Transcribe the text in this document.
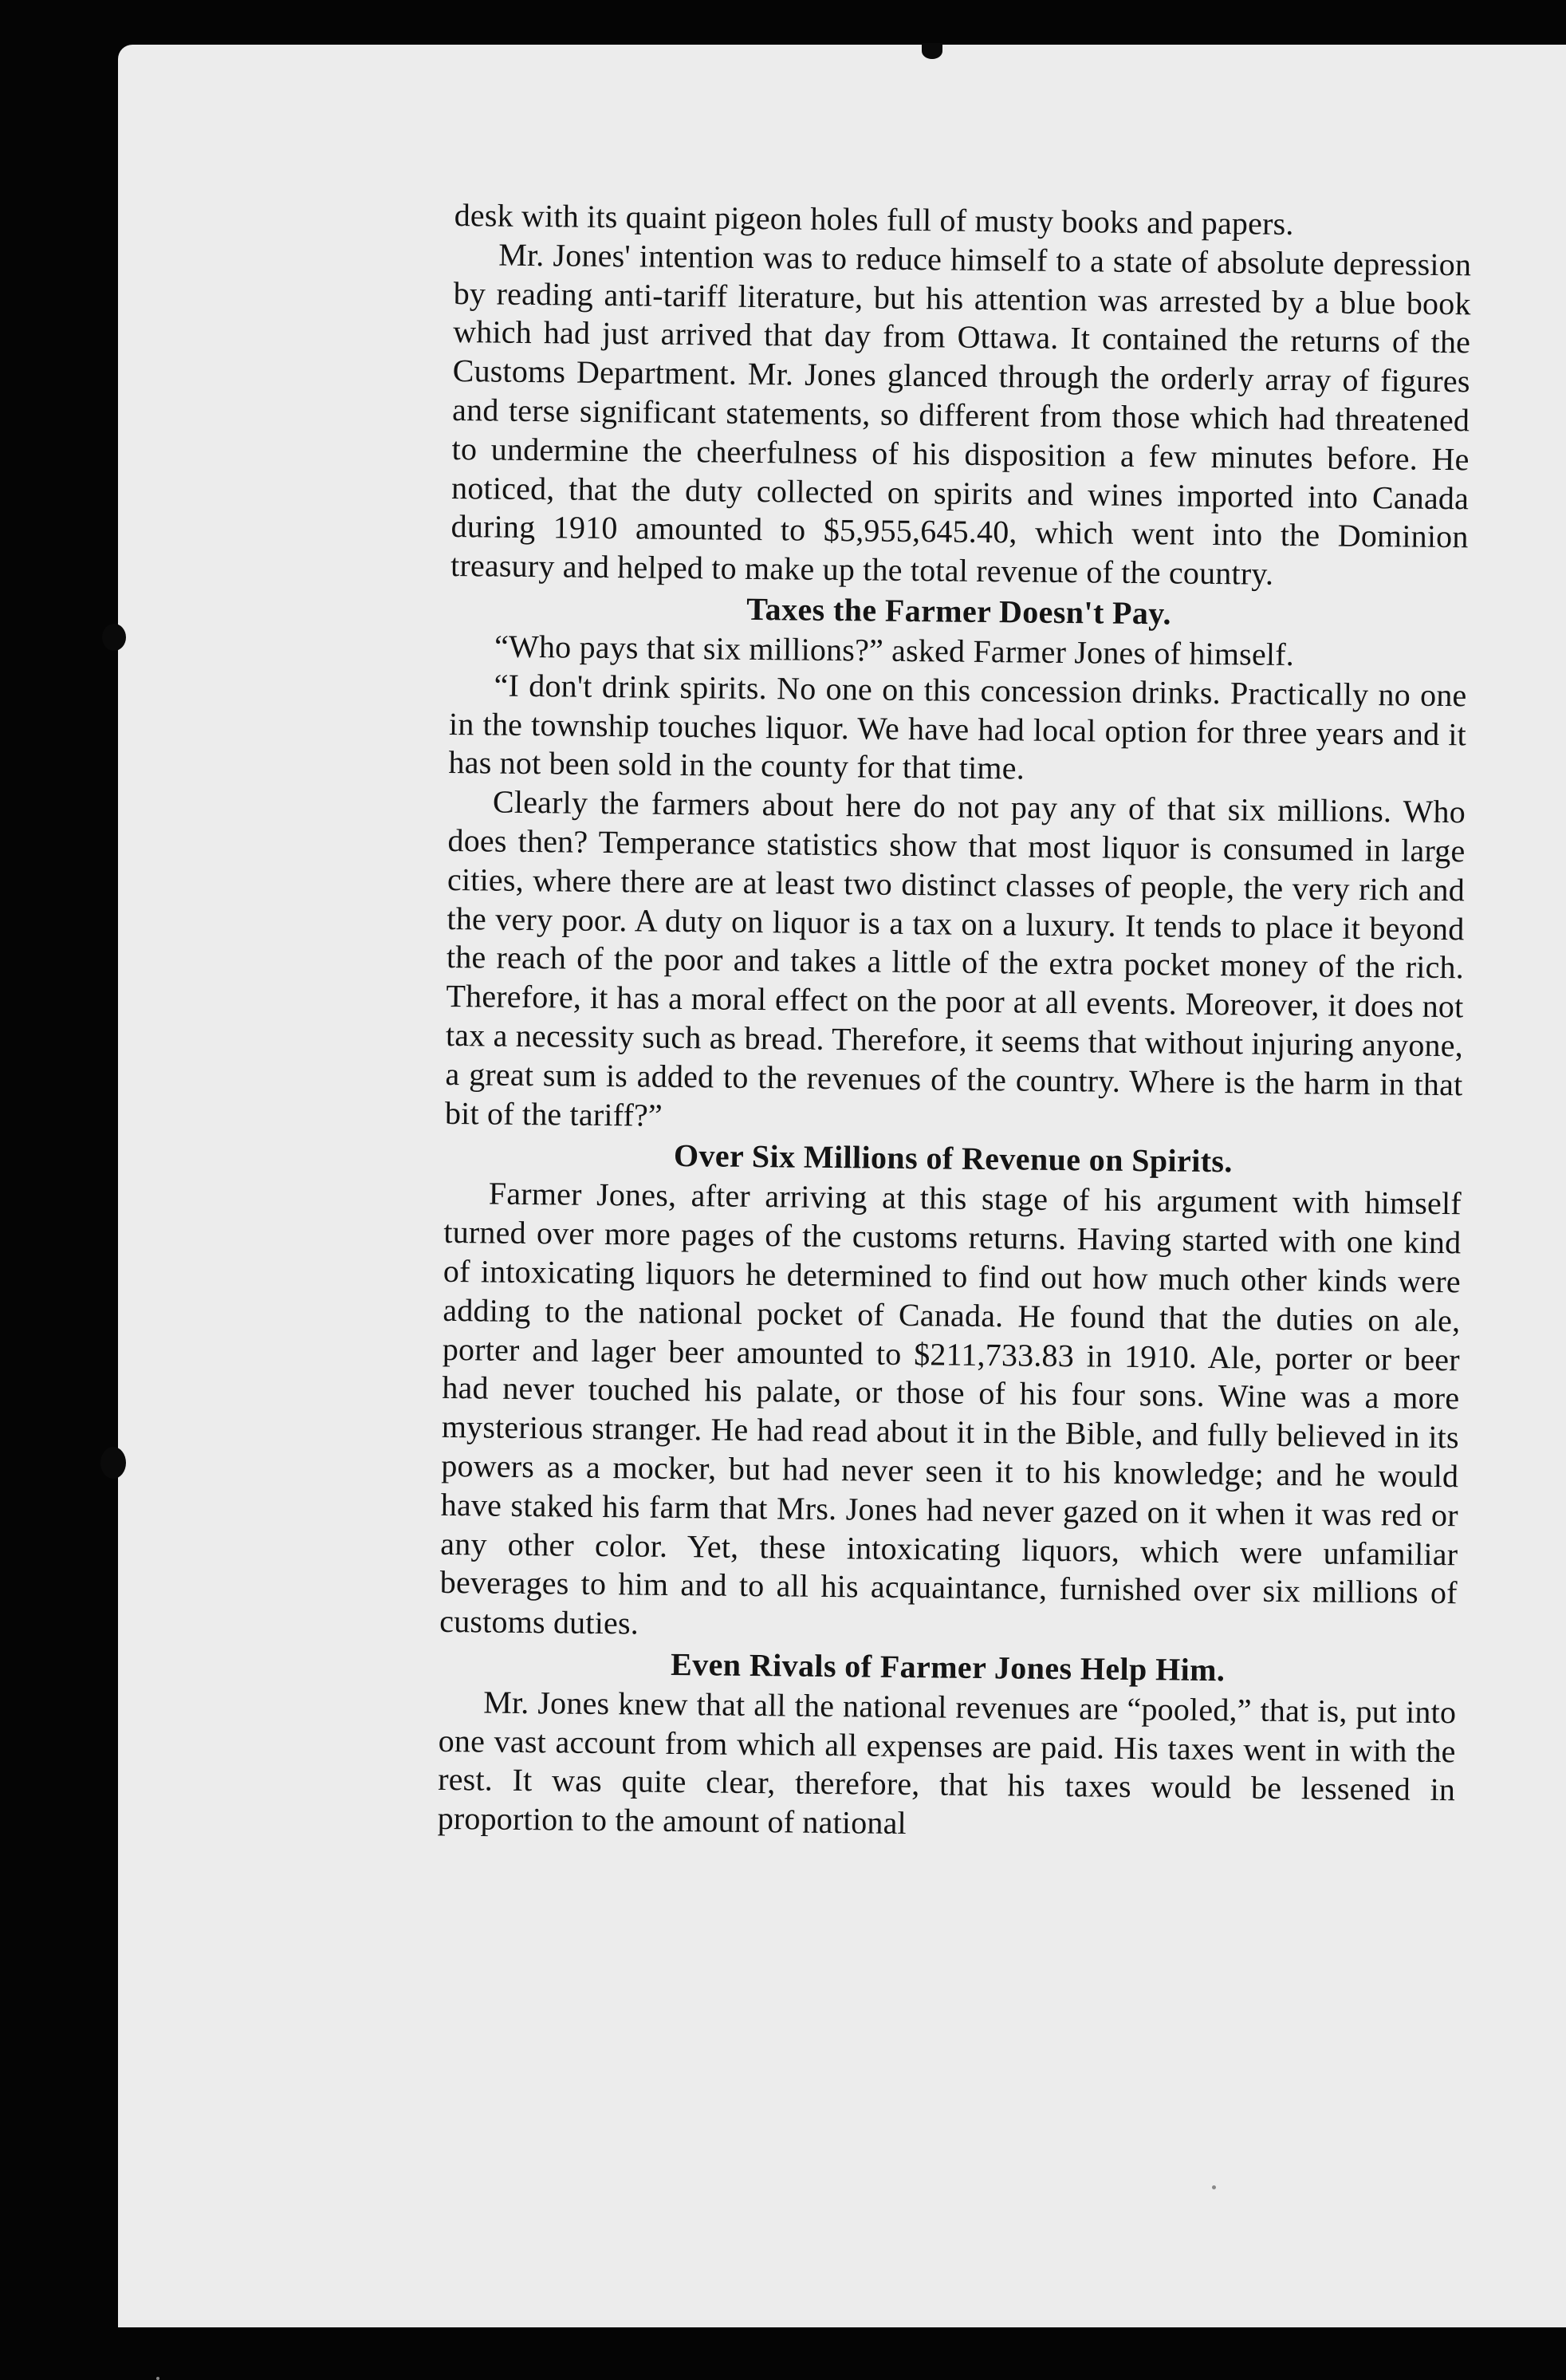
desk with its quaint pigeon holes full of musty books and papers.

Mr. Jones' intention was to reduce himself to a state of absolute depression by reading anti-tariff literature, but his attention was arrested by a blue book which had just arrived that day from Ottawa. It contained the returns of the Customs Department. Mr. Jones glanced through the orderly array of figures and terse significant statements, so different from those which had threatened to undermine the cheerfulness of his disposition a few minutes before. He noticed, that the duty collected on spirits and wines imported into Canada during 1910 amounted to $5,955,645.40, which went into the Dominion treasury and helped to make up the total revenue of the country.

Taxes the Farmer Doesn't Pay.

“Who pays that six millions?” asked Farmer Jones of himself.

“I don't drink spirits. No one on this concession drinks. Practically no one in the township touches liquor. We have had local option for three years and it has not been sold in the county for that time.

Clearly the farmers about here do not pay any of that six millions. Who does then? Temperance statistics show that most liquor is consumed in large cities, where there are at least two distinct classes of people, the very rich and the very poor. A duty on liquor is a tax on a luxury. It tends to place it beyond the reach of the poor and takes a little of the extra pocket money of the rich. Therefore, it has a moral effect on the poor at all events. Moreover, it does not tax a necessity such as bread. Therefore, it seems that without injuring anyone, a great sum is added to the revenues of the country. Where is the harm in that bit of the tariff?”

Over Six Millions of Revenue on Spirits.

Farmer Jones, after arriving at this stage of his argument with himself turned over more pages of the customs returns. Having started with one kind of intoxicating liquors he determined to find out how much other kinds were adding to the national pocket of Canada. He found that the duties on ale, porter and lager beer amounted to $211,733.83 in 1910. Ale, porter or beer had never touched his palate, or those of his four sons. Wine was a more mysterious stranger. He had read about it in the Bible, and fully believed in its powers as a mocker, but had never seen it to his knowledge; and he would have staked his farm that Mrs. Jones had never gazed on it when it was red or any other color. Yet, these intoxicating liquors, which were unfamiliar beverages to him and to all his acquaintance, furnished over six millions of customs duties.

Even Rivals of Farmer Jones Help Him.

Mr. Jones knew that all the national revenues are “pooled,” that is, put into one vast account from which all expenses are paid. His taxes went in with the rest. It was quite clear, therefore, that his taxes would be lessened in proportion to the amount of national
